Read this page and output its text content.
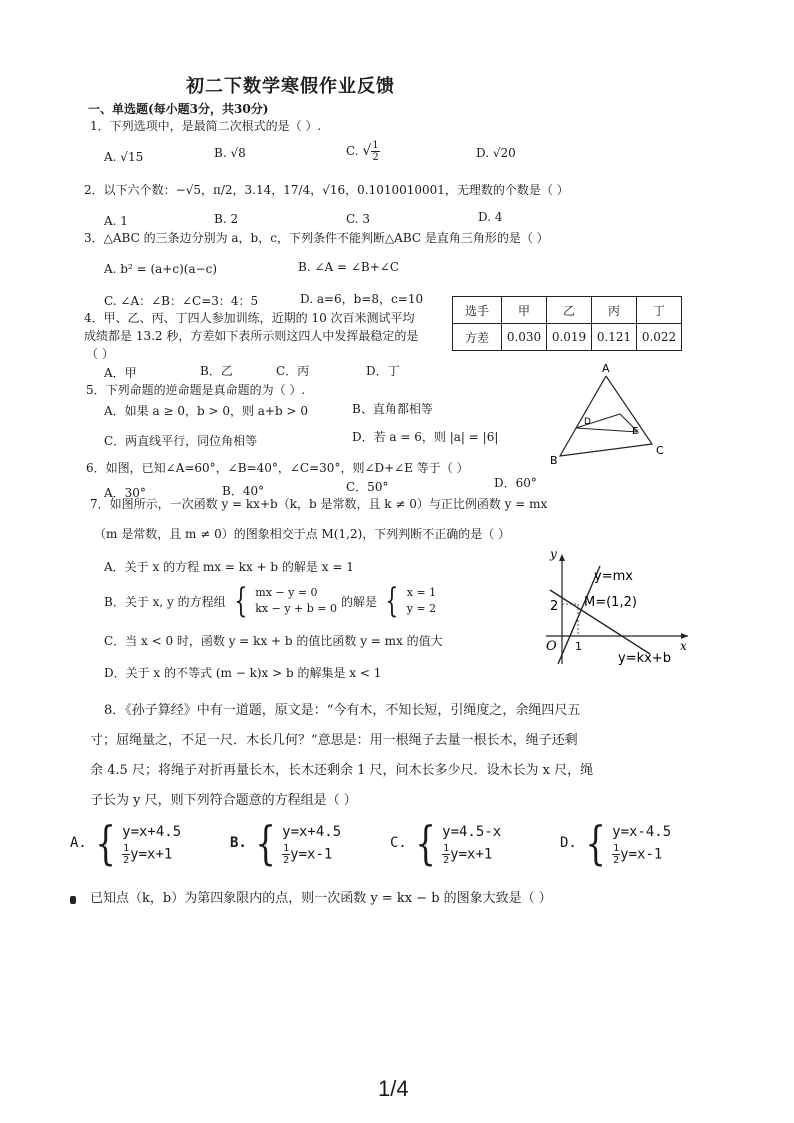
初二下数学寒假作业反馈
一、单选题(每小题3分，共30分)
1．下列选项中，是最简二次根式的是（ ）.
A. √15	B. √8	C. √ $\frac{1}{2}$	D. √20
2．以下六个数：−√5，π/2，3.14，17/4，√16，0.1010010001，无理数的个数是（ ）
A. 1	B. 2	C. 3	D. 4
3．△ABC 的三条边分别为 a，b，c，下列条件不能判断△ABC 是直角三角形的是（ ）
A. b² = (a+c)(a−c)	B. ∠A = ∠B+∠C
C. ∠A：∠B：∠C=3：4：5	D. a=6，b=8，c=10
4．甲、乙、丙、丁四人参加训练，近期的 10 次百米测试平均
成绩都是 13.2 秒，方差如下表所示则这四人中发挥最稳定的是
（ ）
选手	甲	乙	丙	丁
方差	0.030	0.019	0.121	0.022
A．甲	B．乙	C．丙	D．丁
5．下列命题的逆命题是真命题的为（ ）.
A．如果 a ≥ 0，b > 0，则 a+b > 0	B、直角都相等
C．两直线平行，同位角相等	D．若 a = 6，则 |a| = |6|
A
B
C
D
E
6．如图，已知∠A=60°，∠B=40°，∠C=30°，则∠D+∠E 等于（ ）
A．30°	B．40°	C．50°	D．60°
7．如图所示，一次函数 y = kx+b（k，b 是常数，且 k ≠ 0）与正比例函数 y = mx
（m 是常数，且 m ≠ 0）的图象相交于点 M(1,2)，下列判断不正确的是（ ）
A．关于 x 的方程 mx = kx + b 的解是 x = 1
B．关于 x, y 的方程组 { mx − y = 0
kx − y + b = 0 的解是 { x = 1
y = 2
C．当 x < 0 时，函数 y = kx + b 的值比函数 y = mx 的值大
D．关于 x 的不等式 (m − k)x > b 的解集是 x < 1
y
x
O
y=mx
M=(1,2)
y=kx+b
2
1
8．《孙子算经》中有一道题，原文是：“今有木，不知长短，引绳度之，余绳四尺五
寸；屈绳量之，不足一尺．木长几何？”意思是：用一根绳子去量一根长木，绳子还剩
余 4.5 尺；将绳子对折再量长木，长木还剩余 1 尺，问木长多少尺．设木长为 x 尺，绳
子长为 y 尺，则下列符合题意的方程组是（ ）
A. { y=x+4.5
$\frac{1}{2}y=x+1$
B. { y=x+4.5
$\frac{1}{2}y=x-1$
C. { y=4.5-x
$\frac{1}{2}y=x+1$
D. { y=x-4.5
$\frac{1}{2}y=x-1$
已知点（k，b）为第四象限内的点，则一次函数 y = kx − b 的图象大致是（ ）
1/4
